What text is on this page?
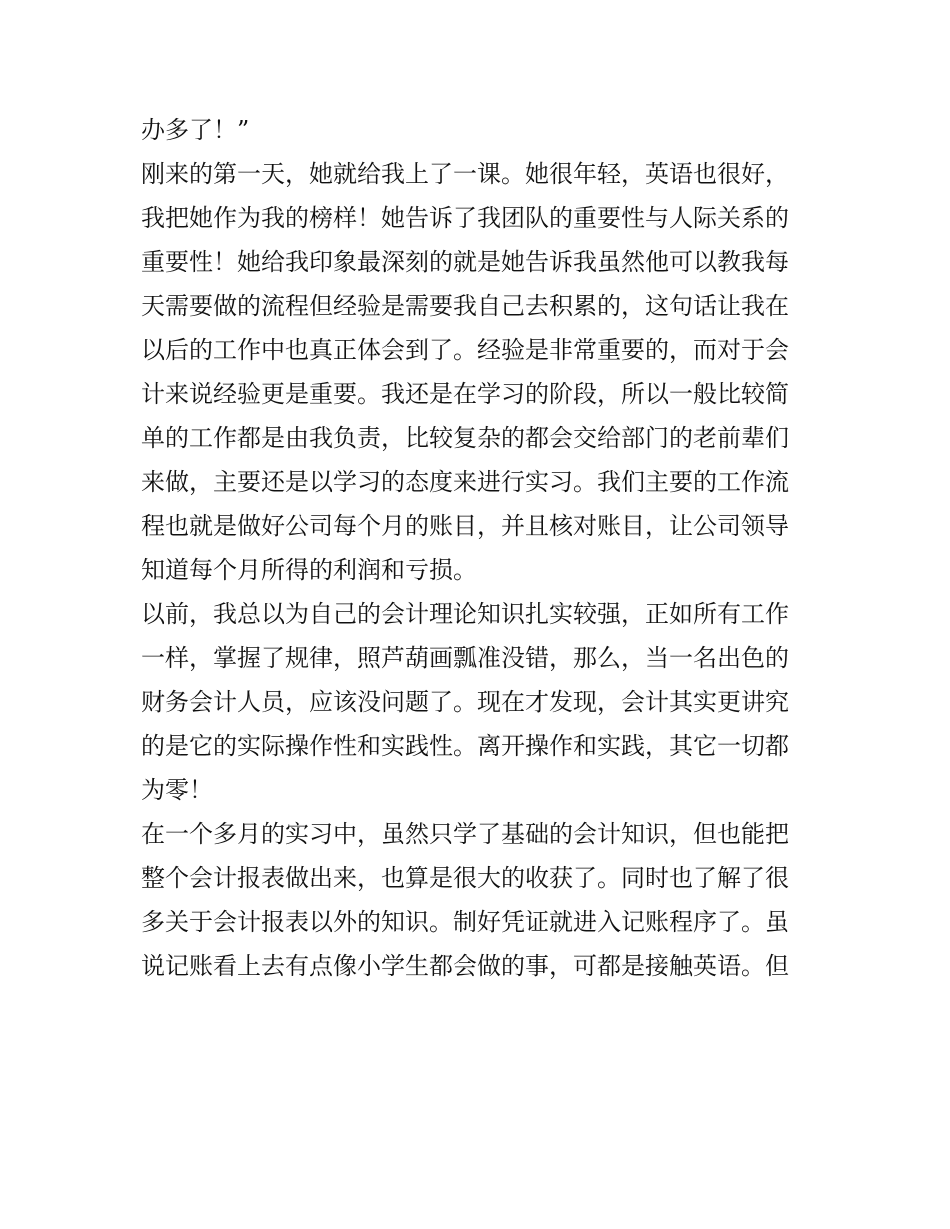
办多了！”
刚来的第一天，她就给我上了一课。她很年轻，英语也很好，
我把她作为我的榜样！她告诉了我团队的重要性与人际关系的
重要性！她给我印象最深刻的就是她告诉我虽然他可以教我每
天需要做的流程但经验是需要我自己去积累的，这句话让我在
以后的工作中也真正体会到了。经验是非常重要的，而对于会
计来说经验更是重要。我还是在学习的阶段，所以一般比较简
单的工作都是由我负责，比较复杂的都会交给部门的老前辈们
来做，主要还是以学习的态度来进行实习。我们主要的工作流
程也就是做好公司每个月的账目，并且核对账目，让公司领导
知道每个月所得的利润和亏损。
以前，我总以为自己的会计理论知识扎实较强，正如所有工作
一样，掌握了规律，照芦葫画瓢准没错，那么，当一名出色的
财务会计人员，应该没问题了。现在才发现，会计其实更讲究
的是它的实际操作性和实践性。离开操作和实践，其它一切都
为零！
在一个多月的实习中，虽然只学了基础的会计知识，但也能把
整个会计报表做出来，也算是很大的收获了。同时也了解了很
多关于会计报表以外的知识。制好凭证就进入记账程序了。虽
说记账看上去有点像小学生都会做的事，可都是接触英语。但
